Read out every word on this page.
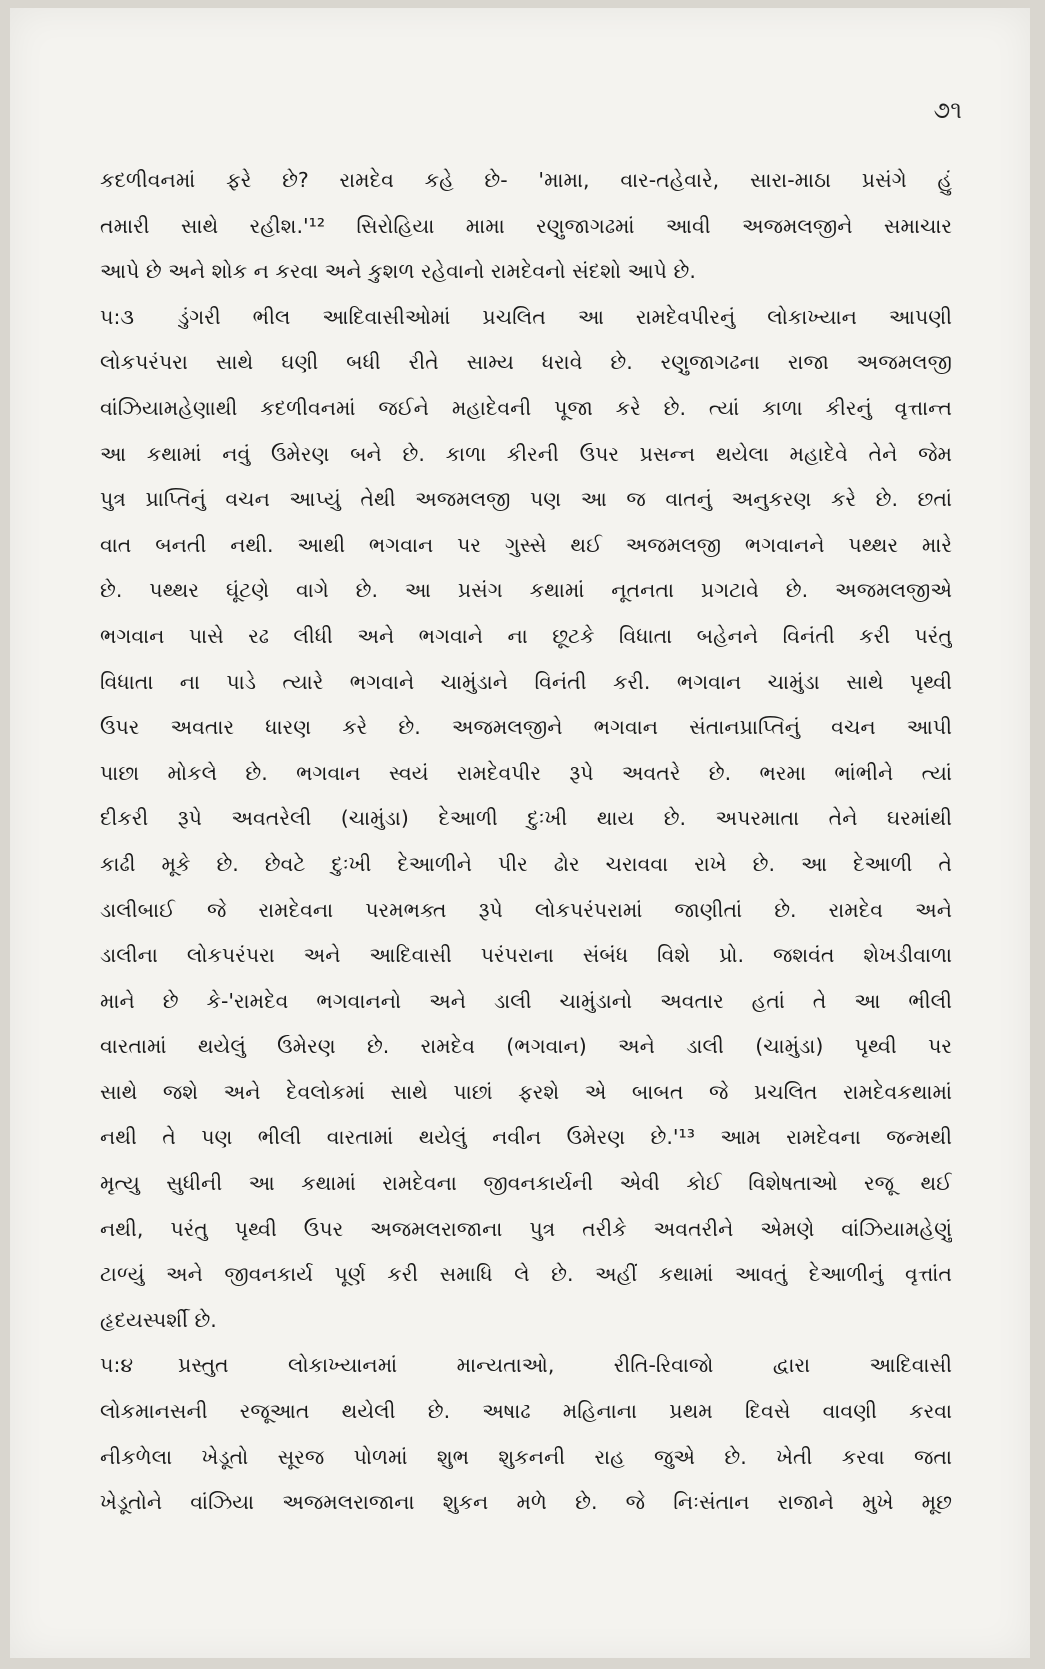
૭૧
કદળીવનમાં ફરે છે? રામદેવ કહે છે- 'મામા, વાર-તહેવારે, સારા-માઠા પ્રસંગે હું
તમારી સાથે રહીશ.'¹² સિરોહિયા મામા રણુજાગઢમાં આવી અજમલજીને સમાચાર
આપે છે અને શોક ન કરવા અને કુશળ રહેવાનો રામદેવનો સંદશો આપે છે.
૫:૩ ડુંગરી ભીલ આદિવાસીઓમાં પ્રચલિત આ રામદેવપીરનું લોકાખ્યાન આપણી
લોકપરંપરા સાથે ઘણી બધી રીતે સામ્ય ધરાવે છે. રણુજાગઢના રાજા અજમલજી
વાંઝિયામહેણાથી કદળીવનમાં જઈને મહાદેવની પૂજા કરે છે. ત્યાં કાળા કીરનું વૃત્તાન્ત
આ કથામાં નવું ઉમેરણ બને છે. કાળા કીરની ઉપર પ્રસન્ન થયેલા મહાદેવે તેને જેમ
પુત્ર પ્રાપ્તિનું વચન આપ્યું તેથી અજમલજી પણ આ જ વાતનું અનુકરણ કરે છે. છતાં
વાત બનતી નથી. આથી ભગવાન પર ગુસ્સે થઈ અજમલજી ભગવાનને પથ્થર મારે
છે. પથ્થર ઘૂંટણે વાગે છે. આ પ્રસંગ કથામાં નૂતનતા પ્રગટાવે છે. અજમલજીએ
ભગવાન પાસે રઢ લીધી અને ભગવાને ના છૂટકે વિધાતા બહેનને વિનંતી કરી પરંતુ
વિધાતા ના પાડે ત્યારે ભગવાને ચામુંડાને વિનંતી કરી. ભગવાન ચામુંડા સાથે પૃથ્વી
ઉપર અવતાર ધારણ કરે છે. અજમલજીને ભગવાન સંતાનપ્રાપ્તિનું વચન આપી
પાછા મોકલે છે. ભગવાન સ્વયં રામદેવપીર રૂપે અવતરે છે. ભરમા ભાંભીને ત્યાં
દીકરી રૂપે અવતરેલી (ચામુંડા) દેઆળી દુઃખી થાય છે. અપરમાતા તેને ઘરમાંથી
કાઢી મૂકે છે. છેવટે દુઃખી દેઆળીને પીર ઢોર ચરાવવા રાખે છે. આ દેઆળી તે
ડાલીબાઈ જે રામદેવના પરમભક્ત રૂપે લોકપરંપરામાં જાણીતાં છે. રામદેવ અને
ડાલીના લોકપરંપરા અને આદિવાસી પરંપરાના સંબંધ વિશે પ્રો. જશવંત શેખડીવાળા
માને છે કે-'રામદેવ ભગવાનનો અને ડાલી ચામુંડાનો અવતાર હતાં તે આ ભીલી
વારતામાં થયેલું ઉમેરણ છે. રામદેવ (ભગવાન) અને ડાલી (ચામુંડા) પૃથ્વી પર
સાથે જશે અને દેવલોકમાં સાથે પાછાં ફરશે એ બાબત જે પ્રચલિત રામદેવકથામાં
નથી તે પણ ભીલી વારતામાં થયેલું નવીન ઉમેરણ છે.'¹³ આમ રામદેવના જન્મથી
મૃત્યુ સુધીની આ કથામાં રામદેવના જીવનકાર્યની એવી કોઈ વિશેષતાઓ રજૂ થઈ
નથી, પરંતુ પૃથ્વી ઉપર અજમલરાજાના પુત્ર તરીકે અવતરીને એમણે વાંઝિયામહેણું
ટાળ્યું અને જીવનકાર્ય પૂર્ણ કરી સમાધિ લે છે. અહીં કથામાં આવતું દેઆળીનું વૃત્તાંત
હૃદયસ્પર્શી છે.
૫:૪ પ્રસ્તુત લોકાખ્યાનમાં માન્યતાઓ, રીતિ-રિવાજો દ્વારા આદિવાસી
લોકમાનસની રજૂઆત થયેલી છે. અષાઢ મહિનાના પ્રથમ દિવસે વાવણી કરવા
નીકળેલા ખેડૂતો સૂરજ પોળમાં શુભ શુકનની રાહ જુએ છે. ખેતી કરવા જતા
ખેડૂતોને વાંઝિયા અજમલરાજાના શુકન મળે છે. જે નિઃસંતાન રાજાને મુખે મૂછ
